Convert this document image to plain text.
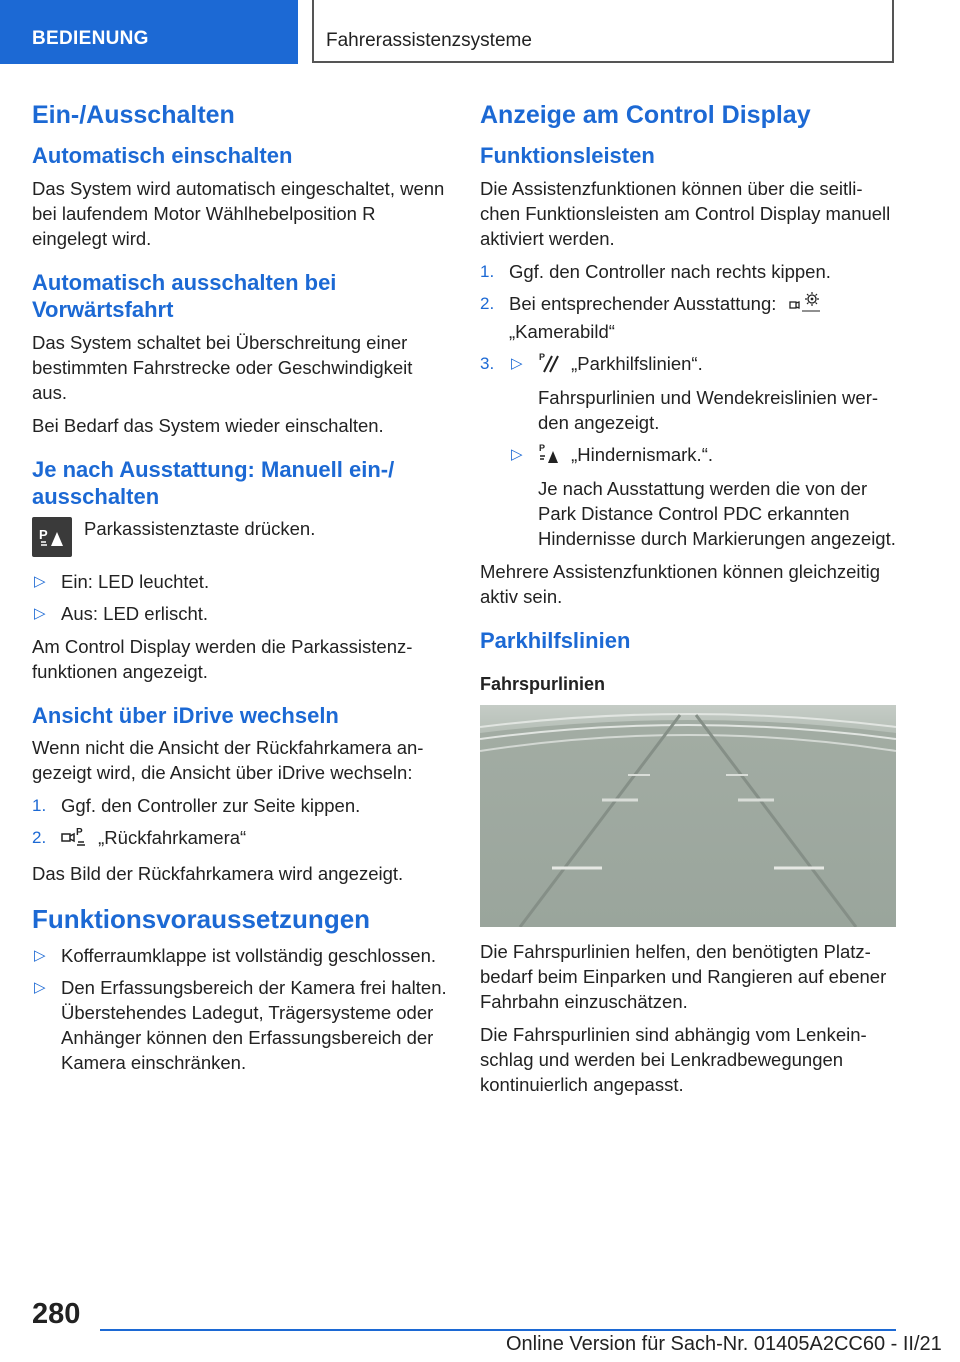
BEDIENUNG	Fahrerassistenzsysteme
Ein-/Ausschalten
Automatisch einschalten

Das System wird automatisch eingeschaltet, wenn bei laufendem Motor Wählhebelposition R eingelegt wird.

Automatisch ausschalten bei Vorwärtsfahrt

Das System schaltet bei Überschreitung einer bestimmten Fahrstrecke oder Geschwindigkeit aus.

Bei Bedarf das System wieder einschalten.

Je nach Ausstattung: Manuell ein-/ ausschalten
P Parkassistenztaste drücken.
▷ Ein: LED leuchtet.
▷ Aus: LED erlischt.

Am Control Display werden die Parkassistenzfunktionen angezeigt.

Ansicht über iDrive wechseln

Wenn nicht die Ansicht der Rückfahrkamera angezeigt wird, die Ansicht über iDrive wechseln:

1. Ggf. den Controller zur Seite kippen.
2.	P „Rückfahrkamera“

Das Bild der Rückfahrkamera wird angezeigt.

Funktionsvoraussetzungen
▷ Kofferraumklappe ist vollständig geschlossen.
▷ Den Erfassungsbereich der Kamera frei halten. Überstehendes Ladegut, Trägersysteme oder Anhänger können den Erfassungsbereich der Kamera einschränken.
Anzeige am Control Display
Funktionsleisten

Die Assistenzfunktionen können über die seitlichen Funktionsleisten am Control Display manuell aktiviert werden.

1. Ggf. den Controller nach rechts kippen.
2. Bei entsprechender Ausstattung:
„Kamerabild“
3. ▷ P „Parkhilfslinien“.
Fahrspurlinien und Wendekreislinien werden angezeigt.
▷ P „Hindernismark.“.
Je nach Ausstattung werden die von der Park Distance Control PDC erkannten Hindernisse durch Markierungen angezeigt.

Mehrere Assistenzfunktionen können gleichzeitig aktiv sein.

Parkhilfslinien
Fahrspurlinien

Die Fahrspurlinien helfen, den benötigten Platzbedarf beim Einparken und Rangieren auf ebener Fahrbahn einzuschätzen.

Die Fahrspurlinien sind abhängig vom Lenkeinschlag und werden bei Lenkradbewegungen kontinuierlich angepasst.

280
Online Version für Sach-Nr. 01405A2CC60 - II/21
